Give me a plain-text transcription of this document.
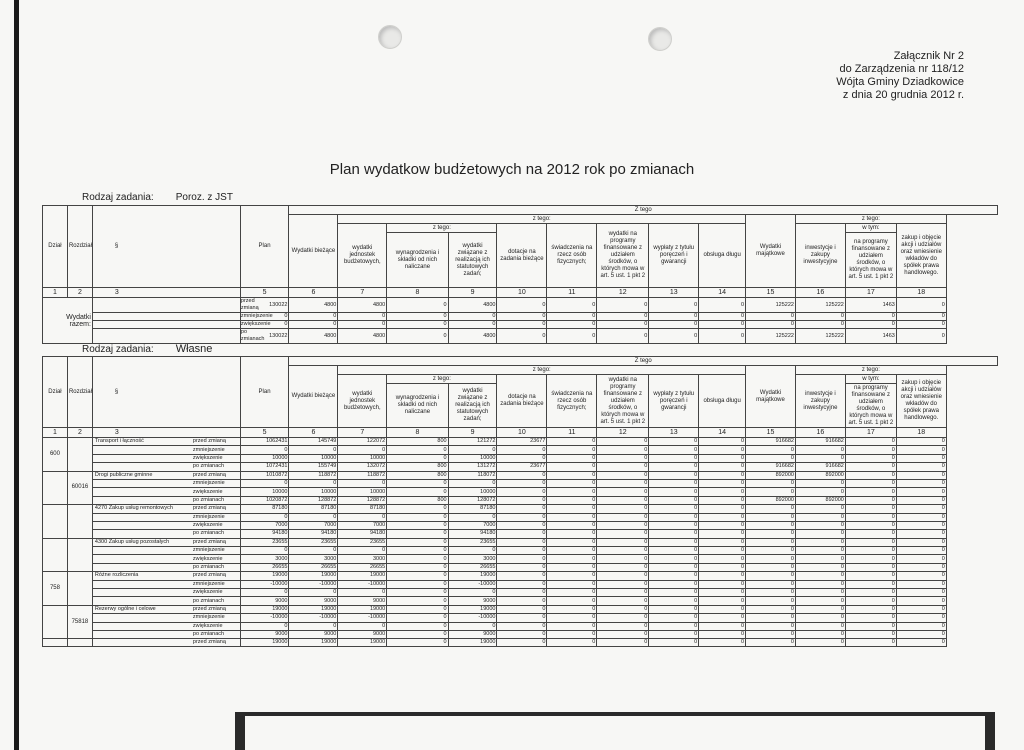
Załącznik Nr 2
do Zarządzenia nr 118/12
Wójta Gminy Dziadkowice
z dnia 20 grudnia 2012 r.
Plan wydatkow budżetowych na 2012 rok po zmianach
Rodzaj zadania: Poroz. z JST
Rodzaj zadania: Własne
Dział	Rozdział	§	Plan	Z tego												
				Wydatki bieżące	z tego:								Wydatki majątkowe	z tego:		
					wydatki jednostek budżetowych,	z tego:		dotacje na zadania bieżące	świadczenia na rzecz osób fizycznych;	wydatki na programy finansowane z udziałem środków, o których mowa w art. 5 ust. 1 pkt 2	wypłaty z tytułu poręczeń i gwarancji	obsługa długu		inwestycje i zakupy inwestycyjne	w tym:	zakup i objęcie akcji i udziałów oraz wniesienie wkładów do spółek prawa handlowego.
						wynagrodzenia i składki od nich naliczane	wydatki związane z realizacją ich statutowych zadań;								na programy finansowane z udziałem środków, o których mowa w art. 5 ust. 1 pkt 2	
1	2	3	5	6	7	8	9	10	11	12	13	14	15	16	17	18
Wydatki razem:		przed zmianą	130022	4800	4800	0	4800	0	0	0	0	0	125222	125222	1463	0
		zmniejszenie	0	0	0	0	0	0	0	0	0	0	0	0	0	0
		zwiększenie	0	0	0	0	0	0	0	0	0	0	0	0	0	0
		po zmianach	130022	4800	4800	0	4800	0	0	0	0	0	125222	125222	1463	0
Dział	Rozdział	§	Plan	Z tego												
				Wydatki bieżące	z tego:								Wydatki majątkowe	z tego:		
					wydatki jednostek budżetowych,	z tego:		dotacje na zadania bieżące	świadczenia na rzecz osób fizycznych;	wydatki na programy finansowane z udziałem środków, o których mowa w art. 5 ust. 1 pkt 2	wypłaty z tytułu poręczeń i gwarancji	obsługa długu		inwestycje i zakupy inwestycyjne	w tym:	zakup i objęcie akcji i udziałów oraz wniesienie wkładów do spółek prawa handlowego.
						wynagrodzenia i składki od nich naliczane	wydatki związane z realizacją ich statutowych zadań;								na programy finansowane z udziałem środków, o których mowa w art. 5 ust. 1 pkt 2	
1	2	3	5	6	7	8	9	10	11	12	13	14	15	16	17	18
600		Transport i łączność przed zmianą	1062431	145749	122072	800	121272	23677	0	0	0	0	916682	916682	0	0
		zmniejszenie	0	0	0	0	0	0	0	0	0	0	0	0	0	0
		zwiększenie	10000	10000	10000	0	10000	0	0	0	0	0	0	0	0	0
		po zmianach	1072431	155749	132072	800	131272	23677	0	0	0	0	916682	916682	0	0
	60016	Drogi publiczne gminne przed zmianą	1010872	118872	118872	800	118072	0	0	0	0	0	892000	892000	0	0
		zmniejszenie	0	0	0	0	0	0	0	0	0	0	0	0	0	0
		zwiększenie	10000	10000	10000	0	10000	0	0	0	0	0	0	0	0	0
		po zmianach	1020872	128872	128872	800	128072	0	0	0	0	0	892000	892000	0	0

		4270 Zakup usług remontowych przed zmianą	87180	87180	87180	0	87180	0	0	0	0	0	0	0	0	0
		zmniejszenie	0	0	0	0	0	0	0	0	0	0	0	0	0	0
		zwiększenie	7000	7000	7000	0	7000	0	0	0	0	0	0	0	0	0
		po zmianach	94180	94180	94180	0	94180	0	0	0	0	0	0	0	0	0

		4300 Zakup usług pozostałych przed zmianą	23655	23655	23655	0	23655	0	0	0	0	0	0	0	0	0
		zmniejszenie	0	0	0	0	0	0	0	0	0	0	0	0	0	0
		zwiększenie	3000	3000	3000	0	3000	0	0	0	0	0	0	0	0	0
		po zmianach	26655	26655	26655	0	26655	0	0	0	0	0	0	0	0	0
758		Różne rozliczenia przed zmianą	19000	19000	19000	0	19000	0	0	0	0	0	0	0	0	0
		zmniejszenie	-10000	-10000	-10000	0	-10000	0	0	0	0	0	0	0	0	0
		zwiększenie	0	0	0	0	0	0	0	0	0	0	0	0	0	0
		po zmianach	9000	9000	9000	0	9000	0	0	0	0	0	0	0	0	0
	75818	Rezerwy ogólne i celowe przed zmianą	19000	19000	19000	0	19000	0	0	0	0	0	0	0	0	0
		zmniejszenie	-10000	-10000	-10000	0	-10000	0	0	0	0	0	0	0	0	0
		zwiększenie	0	0	0	0	0	0	0	0	0	0	0	0	0	0
		po zmianach	9000	9000	9000	0	9000	0	0	0	0	0	0	0	0	0
		przed zmianą	19000	19000	19000	0	19000	0	0	0	0	0	0	0	0	0
